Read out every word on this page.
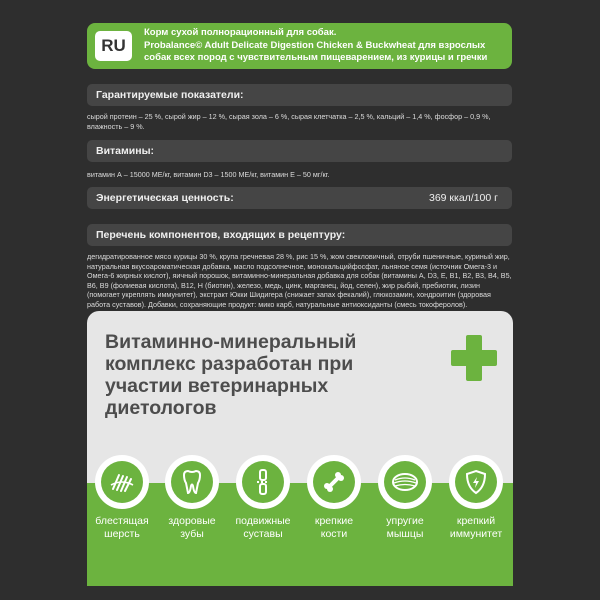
RU
Корм сухой полнорационный для собак.
Probalance© Adult Delicate Digestion Chicken & Buckwheat для взрослых собак всех пород с чувствительным пищеварением, из курицы и гречки
Гарантируемые показатели:
сырой протеин – 25 %, сырой жир – 12 %, сырая зола – 6 %, сырая клетчатка – 2,5 %, кальций – 1,4 %, фосфор – 0,9 %, влажность – 9 %.
Витамины:
витамин А – 15000 МЕ/кг, витамин D3 – 1500 МЕ/кг, витамин Е – 50 мг/кг.
Энергетическая ценность:	369 ккал/100 г
Перечень компонентов, входящих в рецептуру:
дегидратированное мясо курицы 30 %, крупа гречневая 28 %, рис 15 %, жом свекловичный, отруби пшеничные, куриный жир, натуральная вкусоароматическая добавка, масло подсолнечное, монокальцийфосфат, льняное семя (источник Омега-3 и Омега-6 жирных кислот), яичный порошок, витаминно-минеральная добавка для собак (витамины А, D3, Е, В1, В2, В3, В4, В5, В6, В9 (фолиевая кислота), В12, Н (биотин), железо, медь, цинк, марганец, йод, селен), жир рыбий, пребиотик, лизин (помогает укреплять иммунитет), экстракт Юкки Шидигера (снижает запах фекалий), глюкозамин, хондроитин (здоровая работа суставов). Добавки, сохраняющие продукт: мико карб, натуральные антиоксиданты (смесь токоферолов).
Витаминно-минеральный комплекс разработан при участии ветеринарных диетологов
блестящая
шерсть
здоровые
зубы
подвижные
суставы
крепкие
кости
упругие
мышцы
крепкий
иммунитет
